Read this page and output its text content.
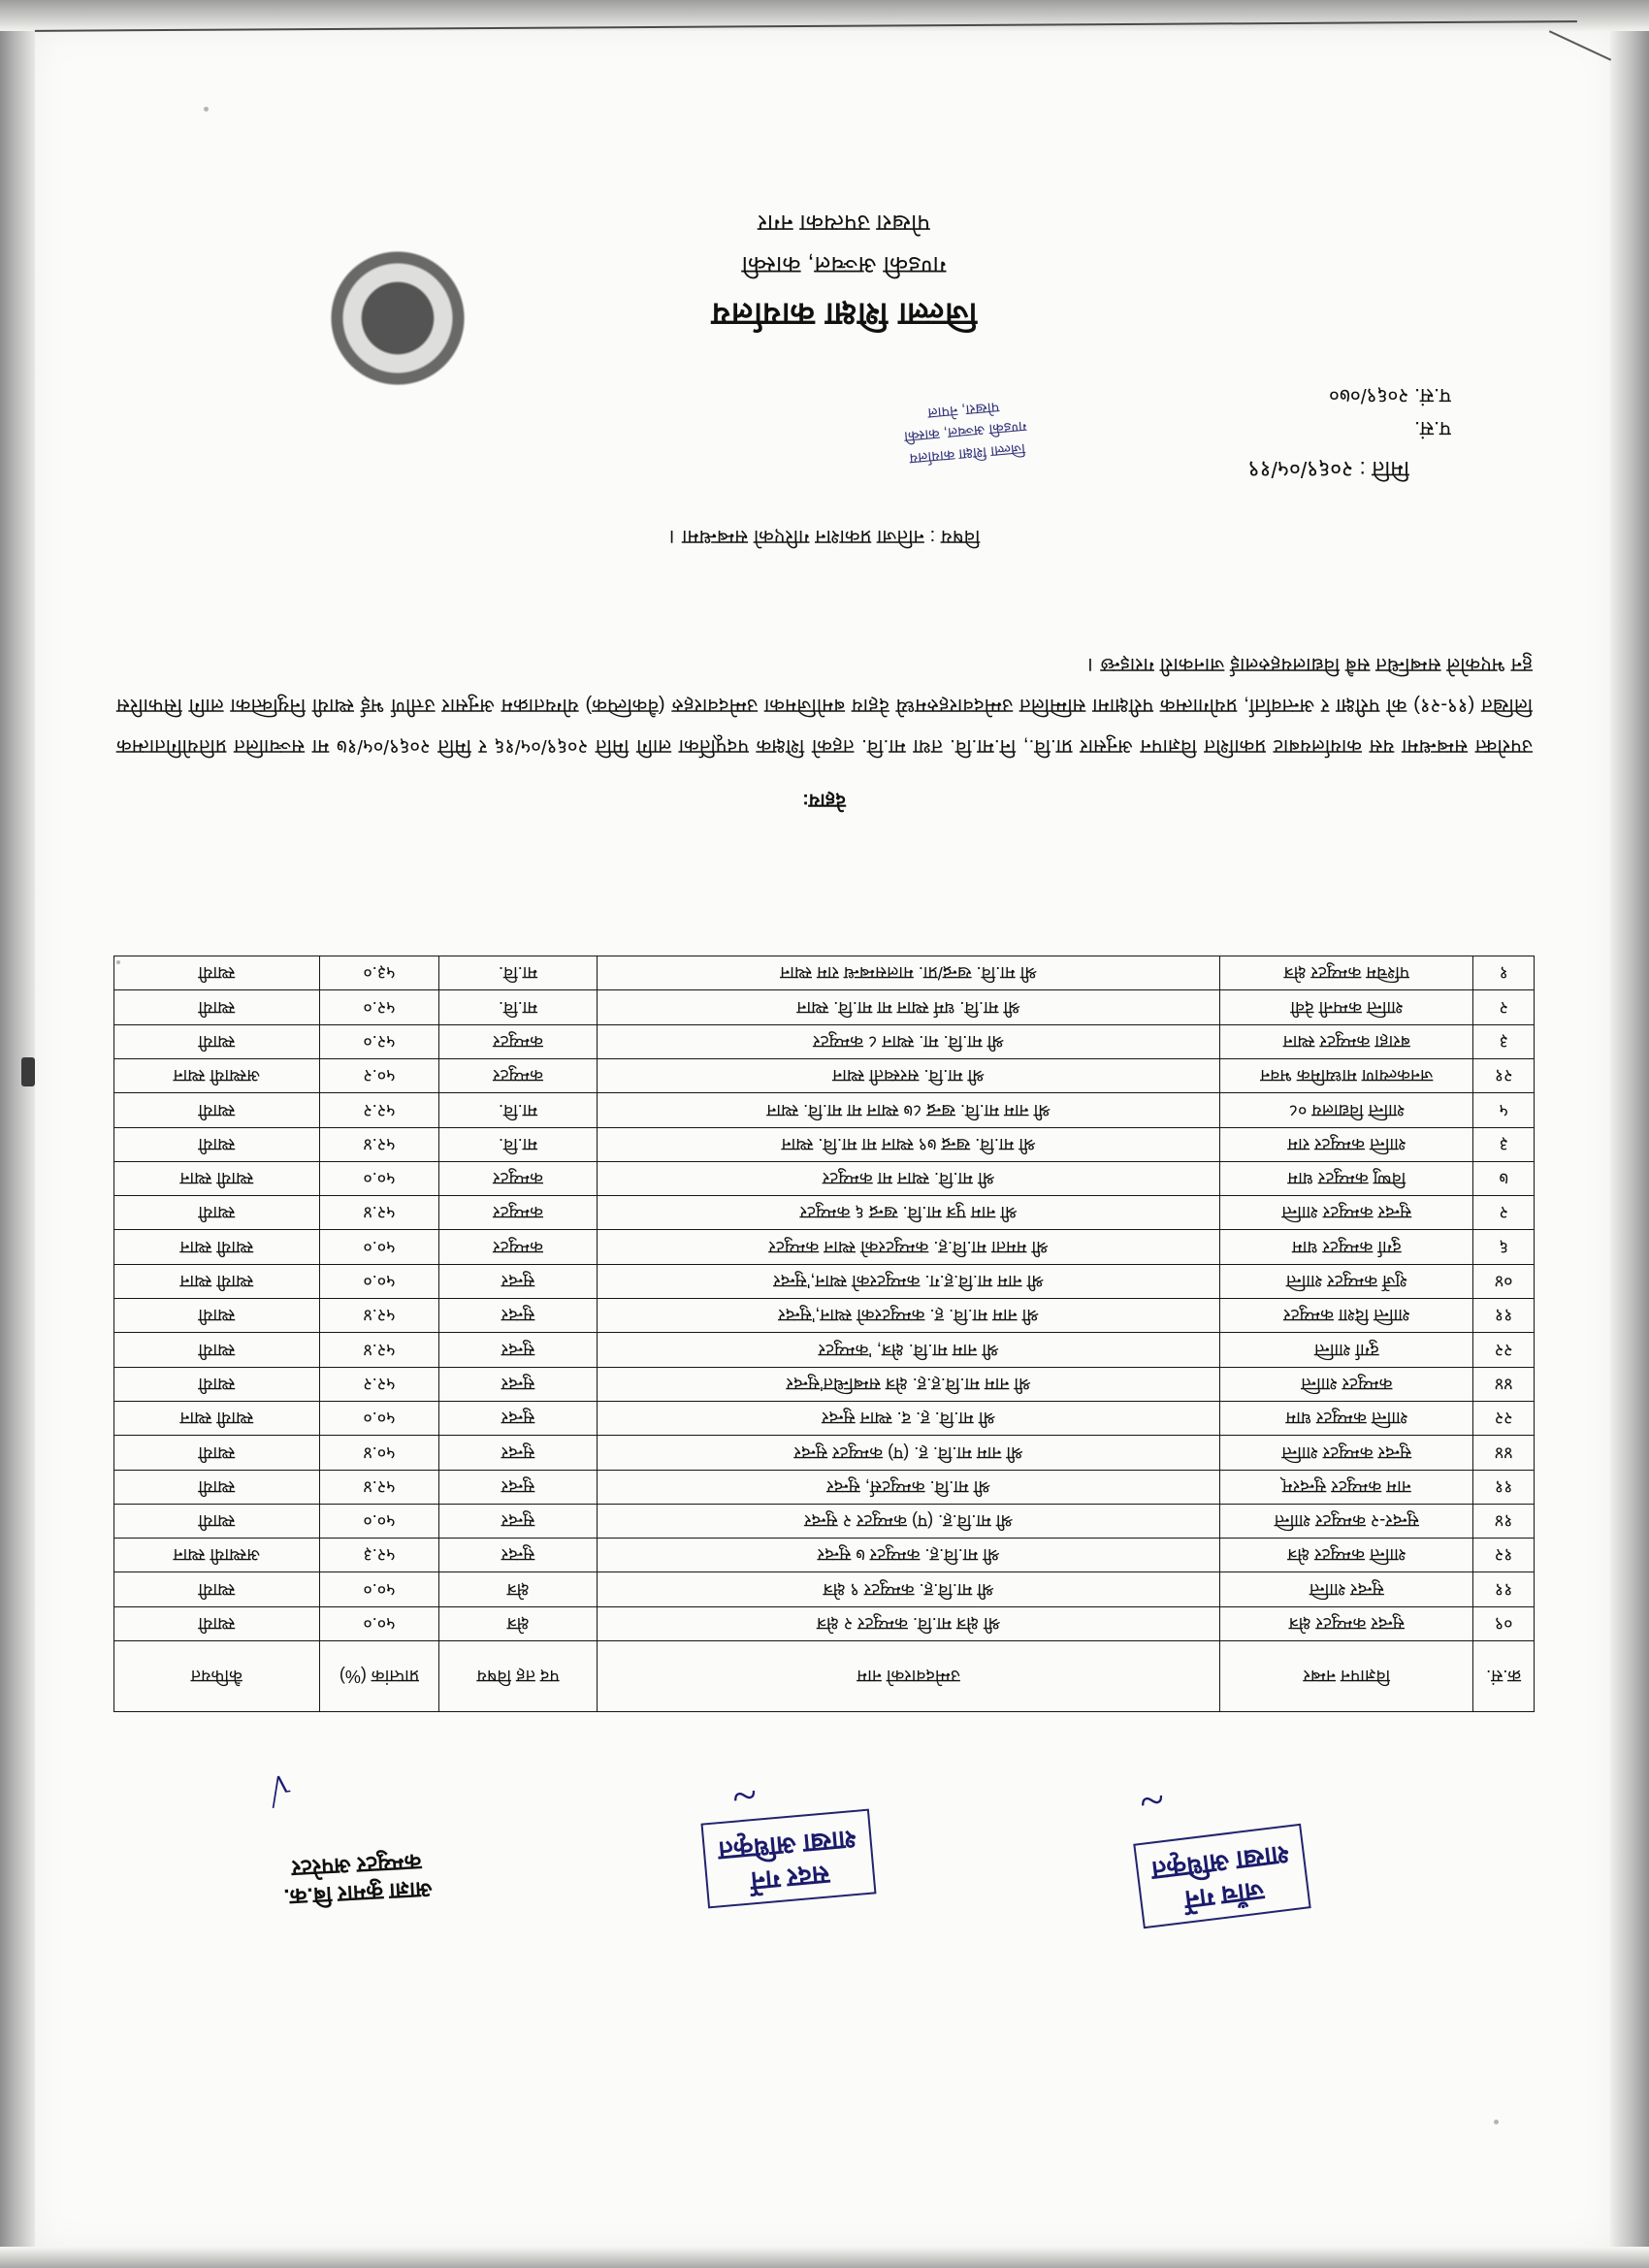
जाँच गर्ने
शाखा अधिकृत
~
सदर गर्ने
शाखा अधिकृत
~
आज्ञा कुमार बि.क.
कम्प्युटर अपरेटर
√
क्र.सं.	विज्ञापन नम्बर	उम्मेदवारको नाम	पद तह विषय	प्राप्तांक (%)	कैफियत
०९	सुन्दर कम्प्युटर क्षेत्र	श्री क्षेत्र मा.वि. कम्प्युटर २ क्षेत्र	क्षेत्र	५०.०	स्थायी
११	सुन्दर शान्ति	श्री मा.वि.ह. कम्प्युटर ९ क्षेत्र	क्षेत्र	५०.०	स्थायी
१२	शान्ति कम्प्युटर क्षेत्र	श्री मा.वि.ह. कम्प्युटर ७ सुन्दर	सुन्दर	५२.३	अस्थायी स्थान
१४	सुन्दर-२ कम्प्युटर शान्ति	श्री मा.वि.ह. (प) कम्प्युटर २ सुन्दर	सुन्दर	५०.०	स्थायी
११	नाम कम्प्युटर सुन्दरम्	श्री मा.वि. कम्प्युटर्स, सुन्दर	सुन्दर	५२.४	स्थायी
४४	सुन्दर कम्प्युटर शान्ति	श्री नाम मा.वि. ह. (प) कम्प्युटर सुन्दर	सुन्दर	५०.४	स्थायी
२२	शान्ति कम्प्युटर धाम	श्री मा.वि. ह. द. स्थान सुन्दर	सुन्दर	५०.०	स्थायी स्थान
४४	कम्प्युटर शान्ति	श्री नाम मा.वि.ह.ह. क्षेत्र सम्बन्धित'सुन्दर	सुन्दर	५२.२	स्थायी
२२	दुर्गा शान्ति	श्री नाम मा.वि. क्षेत्र, 'कम्प्युटर	सुन्दर	५२.४	स्थायी
११	शान्ति दिशा कम्प्युटर	श्री नाम मा.वि. ह. कम्प्युटरको स्थान,'सुन्दर	सुन्दर	५२.४	स्थायी
०४	शुर्जे कम्प्युटर शान्ति	श्री नाम मा.वि.ह.ग. कम्प्युटरको स्थान,'सुन्दर	सुन्दर	५०.०	स्थायी स्थान
६	दुर्गा कम्प्युटर धाम	श्री ममता मा.वि.ह. कम्प्युटरको स्थान कम्प्युटर	कम्प्युटर	५०.०	स्थायी स्थान
२	सुन्दर कम्प्युटर शान्ति	श्री नाम पुत्र मा.वि. खन्द्र ६ कम्प्युटर	कम्प्युटर	५२.४	स्थायी
७	विष्णु कम्प्युटर धाम	श्री मा.वि. स्थान मा कम्प्युटर	कम्प्युटर	५०.०	स्थायी स्थान
३	शान्ति कम्प्युटर राम	श्री मा.वि. खन्द्र ७९ स्थान मा मा.वि. स्थान	मा.वि.	५२.४	स्थायी
५	शान्ति विद्यालय ०८	श्री नाम मा.वि. खन्द्र ८७ स्थान मा मा.वि. स्थान	मा.वि.	५२.२	स्थायी
२१	जनकल्याण माध्यमिक भवन	श्री मा.वि. सरस्वती स्थान	कम्प्युटर	५०.२	अस्थायी स्थान
३	बराहा कम्प्युटर स्थान	श्री मा.वि. मा. स्थान ८ कम्प्युटर	कम्प्युटर	५२.०	स्थायी
२	शान्ति कम्पनी देवी	श्री मा.वि. धर्म स्थान मा मा.वि. स्थान	मा.वि.	५२.०	स्थायी
१	पश्चिम कम्प्युटर क्षेत्र	श्री मा.वि. खन्द्र/प्रा. मालसम्बन्ध राम स्थान	मा.वि.	५३.०	स्थायी
देहाय:
उपरोक्त सम्बन्धमा यस कार्यालयबाट प्रकाशित विज्ञापन अनुसार प्रा.वि., नि.मा.वि. तथा मा.वि. तहको शिक्षक पदपूर्तिका लागि मिति २०६९/०५/१६ र मिति २०६९/०५/१७ मा सञ्चालित प्रतियोगितात्मक लिखित (१९-२१) को परीक्षा र अन्तर्वार्ता, प्रयोगात्मक परीक्षामा सम्मिलित उम्मेदवारहरुमध्ये देहाय बमोजिमका उम्मेदवारहरु (वैकल्पिक) योग्यताक्रम अनुसार उत्तीर्ण भई स्थायी नियुक्तिका लागि सिफारिस हुन भएकोले सम्बन्धित सबै विद्यालयहरुलाई जानकारी गराइन्छ ।
विषय : नतिजा प्रकाशन गरिएको सम्बन्धमा ।
मिति : २०६९/०५/१९
प.सं.
प.सं. २०६९/०७०
जिल्ला शिक्षा कार्यालय
गण्डकी अञ्चल, कास्की
पोखरा, नेपाल
जिल्ला शिक्षा कार्यालय
गण्डकी अञ्चल, कास्की
पोखरा उपत्यका नगर
